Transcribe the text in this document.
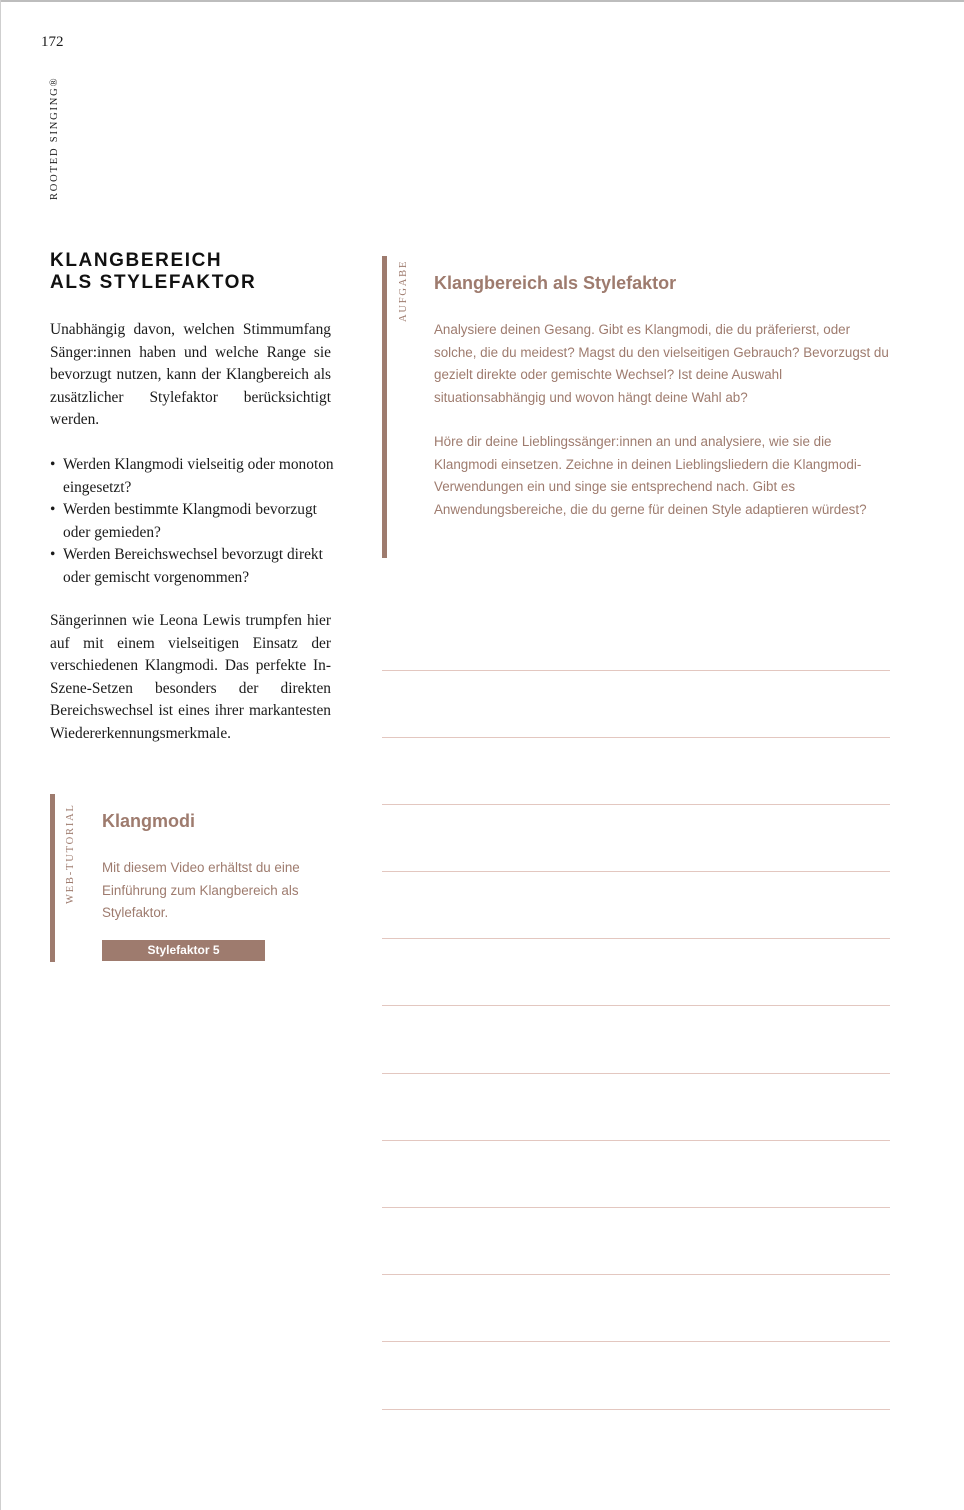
172
ROOTED SINGING®
KLANGBEREICH
ALS STYLEFAKTOR
Unabhängig davon, welchen Stimmumfang Sänger:innen haben und welche Range sie bevorzugt nutzen, kann der Klangbereich als zusätzlicher Stylefaktor berücksichtigt werden.
• Werden Klangmodi vielseitig oder monoton eingesetzt?
• Werden bestimmte Klangmodi bevorzugt oder gemieden?
• Werden Bereichswechsel bevorzugt direkt oder gemischt vorgenommen?
Sängerinnen wie Leona Lewis trumpfen hier auf mit einem vielseitigen Einsatz der verschiedenen Klangmodi. Das perfekte In-Szene-Setzen besonders der direkten Bereichswechsel ist eines ihrer markantesten Wiedererkennungsmerkmale.
WEB-TUTORIAL Klangmodi
Mit diesem Video erhältst du eine Einführung zum Klangbereich als Stylefaktor.
Stylefaktor 5
AUFGABE Klangbereich als Stylefaktor

Analysiere deinen Gesang. Gibt es Klangmodi, die du präferierst, oder solche, die du meidest? Magst du den vielseitigen Gebrauch? Bevorzugst du gezielt direkte oder gemischte Wechsel? Ist deine Auswahl situationsabhängig und wovon hängt deine Wahl ab?

Höre dir deine Lieblingssänger:innen an und analysiere, wie sie die Klangmodi einsetzen. Zeichne in deinen Lieblingsliedern die Klangmodi-Verwendungen ein und singe sie entsprechend nach. Gibt es Anwendungsbereiche, die du gerne für deinen Style adaptieren würdest?
